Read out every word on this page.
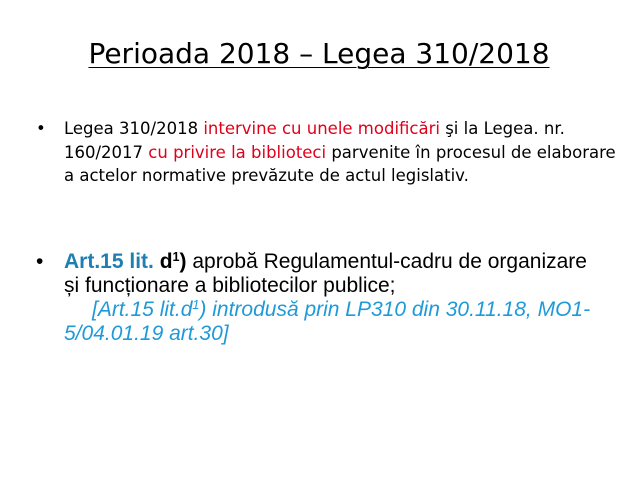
Perioada 2018 – Legea 310/2018
• Legea 310/2018 intervine cu unele modificări şi la Legea. nr. 160/2017 cu privire la biblioteci parvenite în procesul de elaborare a actelor normative prevăzute de actul legislativ.
• Art.15 lit. $d^1$) aprobă Regulamentul-cadru de organizare și funcționare a bibliotecilor publice;
[Art.15 $lit.d^1$) introdusă prin LP310 din 30.11.18, MO1-5/04.01.19 art.30]
